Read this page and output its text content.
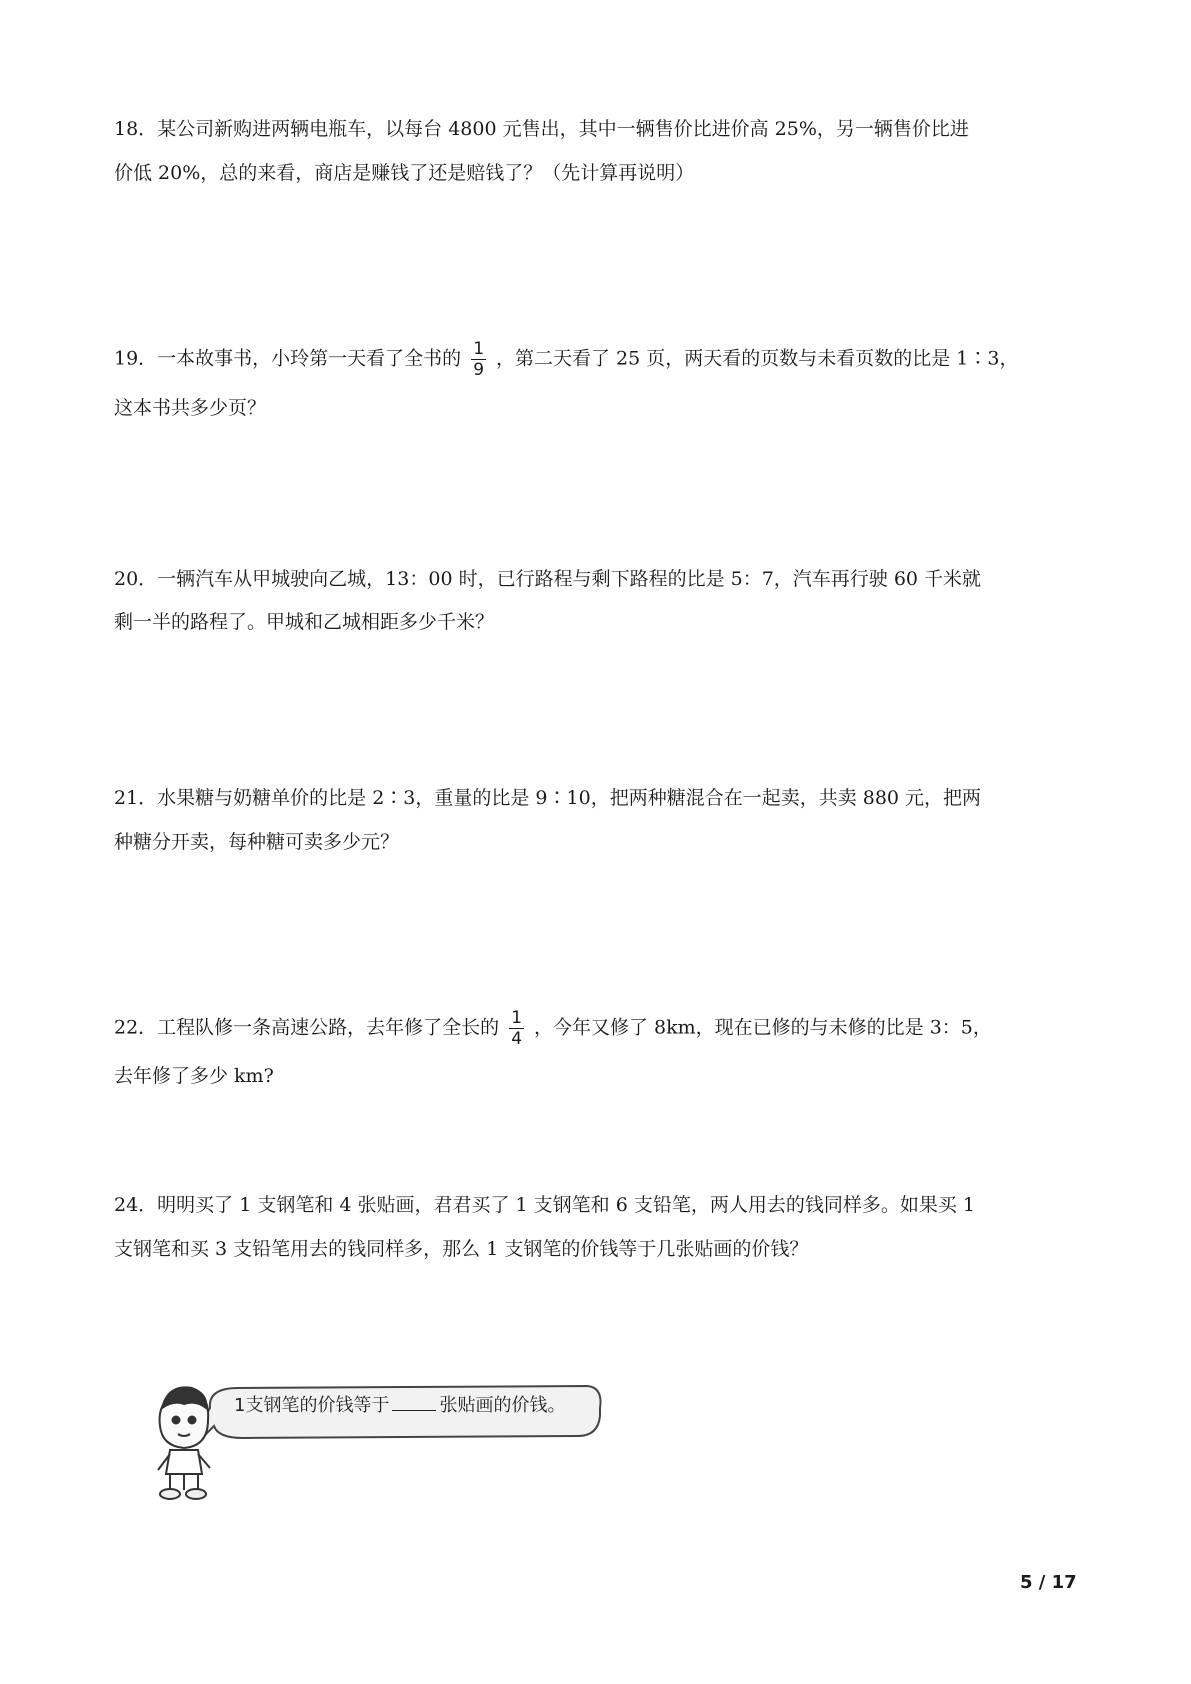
18．某公司新购进两辆电瓶车，以每台 4800 元售出，其中一辆售价比进价高 25%，另一辆售价比进
价低 20%，总的来看，商店是赚钱了还是赔钱了？（先计算再说明）
19．一本故事书，小玲第一天看了全书的 $\frac{1}{9}$ ，第二天看了 25 页，两天看的页数与未看页数的比是 1∶3，
这本书共多少页？
20．一辆汽车从甲城驶向乙城，13：00 时，已行路程与剩下路程的比是 5：7，汽车再行驶 60 千米就
剩一半的路程了。甲城和乙城相距多少千米？
21．水果糖与奶糖单价的比是 2∶3，重量的比是 9∶10，把两种糖混合在一起卖，共卖 880 元，把两
种糖分开卖，每种糖可卖多少元？
22．工程队修一条高速公路，去年修了全长的 $\frac{1}{4}$ ，今年又修了 8km，现在已修的与未修的比是 3：5，
去年修了多少 km?
24．明明买了 1 支钢笔和 4 张贴画，君君买了 1 支钢笔和 6 支铅笔，两人用去的钱同样多。如果买 1
支钢笔和买 3 支铅笔用去的钱同样多，那么 1 支钢笔的价钱等于几张贴画的价钱？
1支钢笔的价钱等于	张贴画的价钱。
5 / 17
